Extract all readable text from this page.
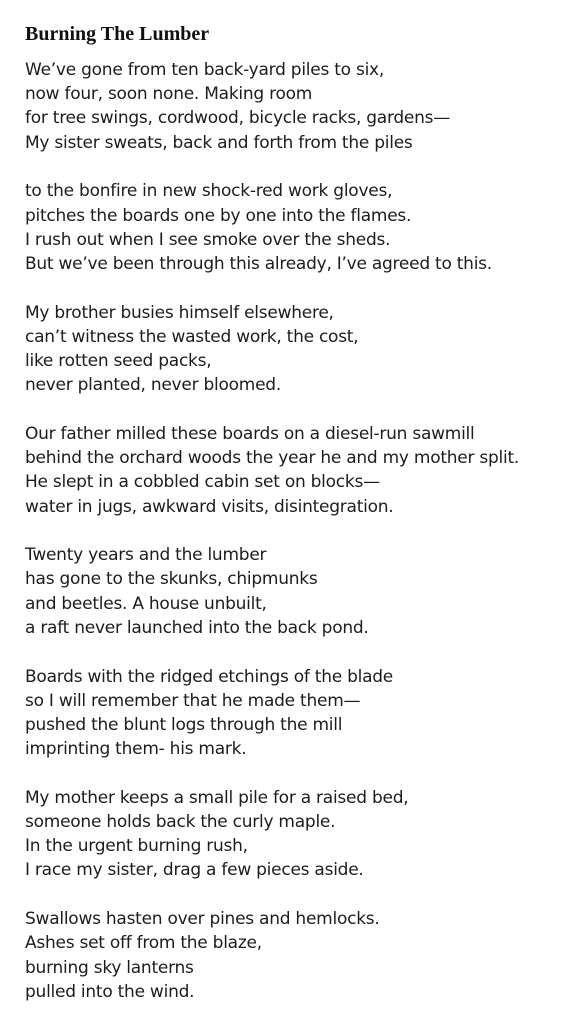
Burning The Lumber
We’ve gone from ten back-yard piles to six,
now four, soon none. Making room
for tree swings, cordwood, bicycle racks, gardens—
My sister sweats, back and forth from the piles
to the bonfire in new shock-red work gloves,
pitches the boards one by one into the flames.
I rush out when I see smoke over the sheds.
But we’ve been through this already, I’ve agreed to this.
My brother busies himself elsewhere,
can’t witness the wasted work, the cost,
like rotten seed packs,
never planted, never bloomed.
Our father milled these boards on a diesel-run sawmill
behind the orchard woods the year he and my mother split.
He slept in a cobbled cabin set on blocks—
water in jugs, awkward visits, disintegration.
Twenty years and the lumber
has gone to the skunks, chipmunks
and beetles. A house unbuilt,
a raft never launched into the back pond.
Boards with the ridged etchings of the blade
so I will remember that he made them—
pushed the blunt logs through the mill
imprinting them- his mark.
My mother keeps a small pile for a raised bed,
someone holds back the curly maple.
In the urgent burning rush,
I race my sister, drag a few pieces aside.
Swallows hasten over pines and hemlocks.
Ashes set off from the blaze,
burning sky lanterns
pulled into the wind.
